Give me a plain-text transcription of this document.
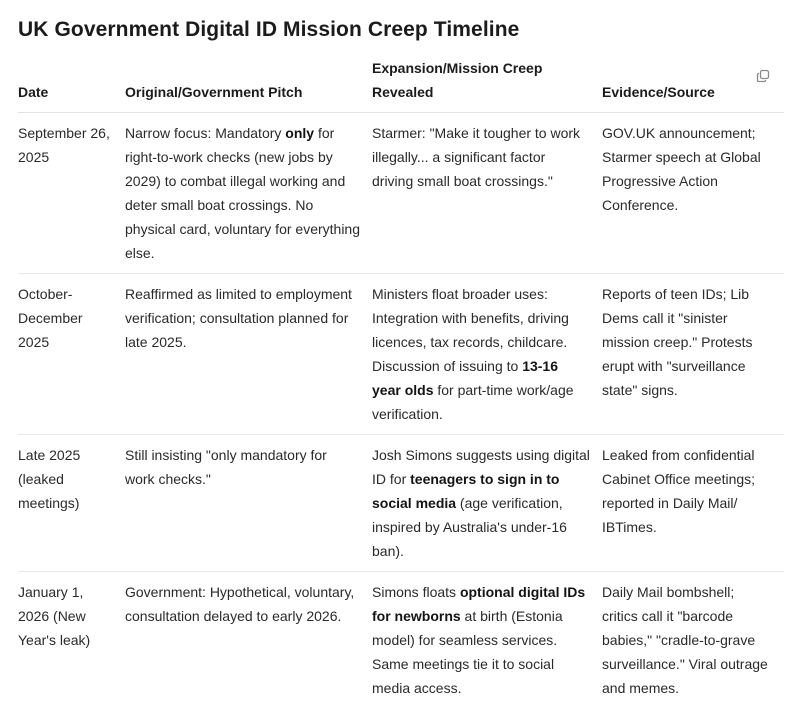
UK Government Digital ID Mission Creep Timeline
Date	Original/Government Pitch	Expansion/Mission Creep Revealed	Evidence/Source
September 26, 2025	Narrow focus: Mandatory only for right-to-work checks (new jobs by 2029) to combat illegal working and deter small boat crossings. No physical card, voluntary for everything else.	Starmer: "Make it tougher to work illegally... a significant factor driving small boat crossings."	GOV.UK announcement; Starmer speech at Global Progressive Action Conference.
October-December 2025	Reaffirmed as limited to employment verification; consultation planned for late 2025.	Ministers float broader uses: Integration with benefits, driving licences, tax records, childcare. Discussion of issuing to 13-16 year olds for part-time work/age verification.	Reports of teen IDs; Lib Dems call it "sinister mission creep." Protests erupt with "surveillance state" signs.
Late 2025 (leaked meetings)	Still insisting "only mandatory for work checks."	Josh Simons suggests using digital ID for teenagers to sign in to social media (age verification, inspired by Australia's under-16 ban).	Leaked from confidential Cabinet Office meetings; reported in Daily Mail/ IBTimes.
January 1, 2026 (New Year's leak)	Government: Hypothetical, voluntary, consultation delayed to early 2026.	Simons floats optional digital IDs for newborns at birth (Estonia model) for seamless services. Same meetings tie it to social media access.	Daily Mail bombshell; critics call it "barcode babies," "cradle-to-grave surveillance." Viral outrage and memes.
